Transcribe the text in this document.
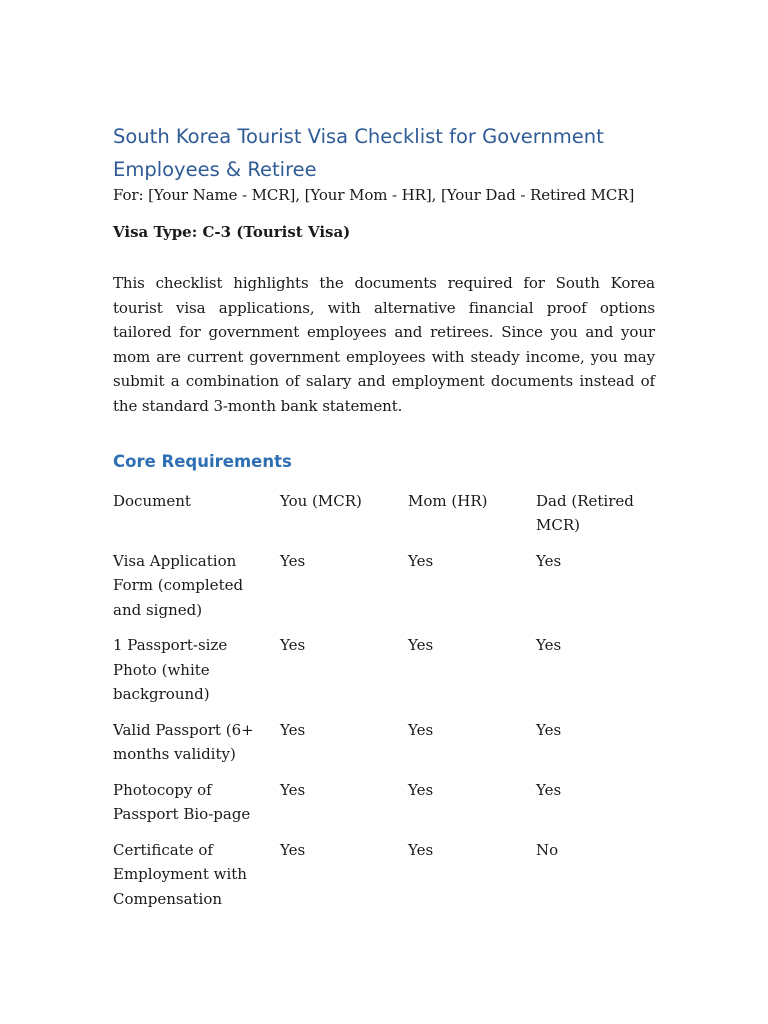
South Korea Tourist Visa Checklist for Government Employees & Retiree
For: [Your Name - MCR], [Your Mom - HR], [Your Dad - Retired MCR]
Visa Type: C-3 (Tourist Visa)

This checklist highlights the documents required for South Korea tourist visa applications, with alternative financial proof options tailored for government employees and retirees. Since you and your mom are current government employees with steady income, you may submit a combination of salary and employment documents instead of the standard 3-month bank statement.

Core Requirements
Document	You (MCR)	Mom (HR)	Dad (Retired MCR)
Visa Application Form (completed and signed)	Yes	Yes	Yes
1 Passport-size Photo (white background)	Yes	Yes	Yes
Valid Passport (6+ months validity)	Yes	Yes	Yes
Photocopy of Passport Bio-page	Yes	Yes	Yes
Certificate of Employment with Compensation	Yes	Yes	No
